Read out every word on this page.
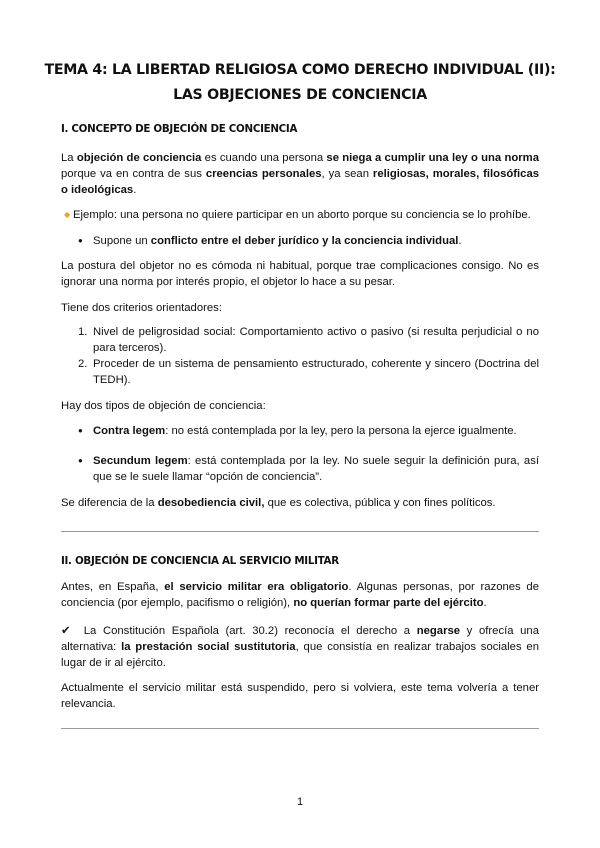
TEMA 4: LA LIBERTAD RELIGIOSA COMO DERECHO INDIVIDUAL (II):
LAS OBJECIONES DE CONCIENCIA
I. CONCEPTO DE OBJECIÓN DE CONCIENCIA
La objeción de conciencia es cuando una persona se niega a cumplir una ley o una norma porque va en contra de sus creencias personales, ya sean religiosas, morales, filosóficas o ideológicas.
◆ Ejemplo: una persona no quiere participar en un aborto porque su conciencia se lo prohíbe.
● Supone un conflicto entre el deber jurídico y la conciencia individual.
La postura del objetor no es cómoda ni habitual, porque trae complicaciones consigo. No es ignorar una norma por interés propio, el objetor lo hace a su pesar.
Tiene dos criterios orientadores:
1. Nivel de peligrosidad social: Comportamiento activo o pasivo (si resulta perjudicial o no para terceros).
2. Proceder de un sistema de pensamiento estructurado, coherente y sincero (Doctrina del TEDH).
Hay dos tipos de objeción de conciencia:
● Contra legem: no está contemplada por la ley, pero la persona la ejerce igualmente.
● Secundum legem: está contemplada por la ley. No suele seguir la definición pura, así que se le suele llamar “opción de conciencia”.
Se diferencia de la desobediencia civil, que es colectiva, pública y con fines políticos.
II. OBJECIÓN DE CONCIENCIA AL SERVICIO MILITAR
Antes, en España, el servicio militar era obligatorio. Algunas personas, por razones de conciencia (por ejemplo, pacifismo o religión), no querían formar parte del ejército.
✔ La Constitución Española (art. 30.2) reconocía el derecho a negarse y ofrecía una alternativa: la prestación social sustitutoria, que consistía en realizar trabajos sociales en lugar de ir al ejército.
Actualmente el servicio militar está suspendido, pero si volviera, este tema volvería a tener relevancia.
1
